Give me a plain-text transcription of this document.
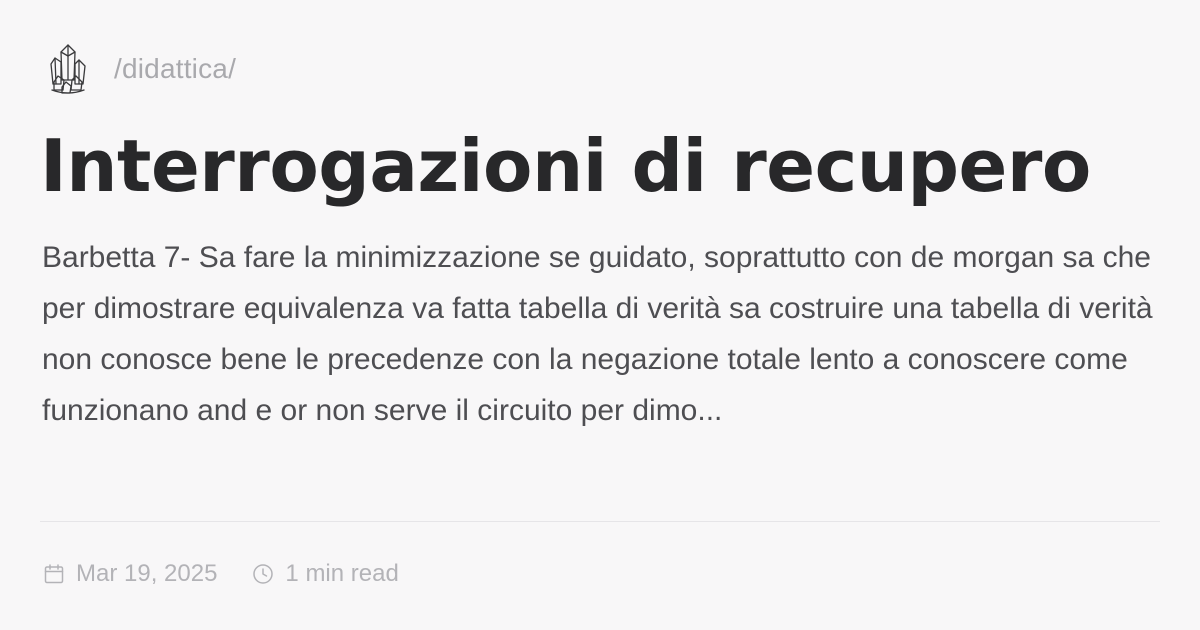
/didattica/
Interrogazioni di recupero

Barbetta 7- Sa fare la minimizzazione se guidato, soprattutto con de morgan sa che per dimostrare equivalenza va fatta tabella di verità sa costruire una tabella di verità non conosce bene le precedenze con la negazione totale lento a conoscere come funzionano and e or non serve il circuito per dimo...

Mar 19, 2025	1 min read
